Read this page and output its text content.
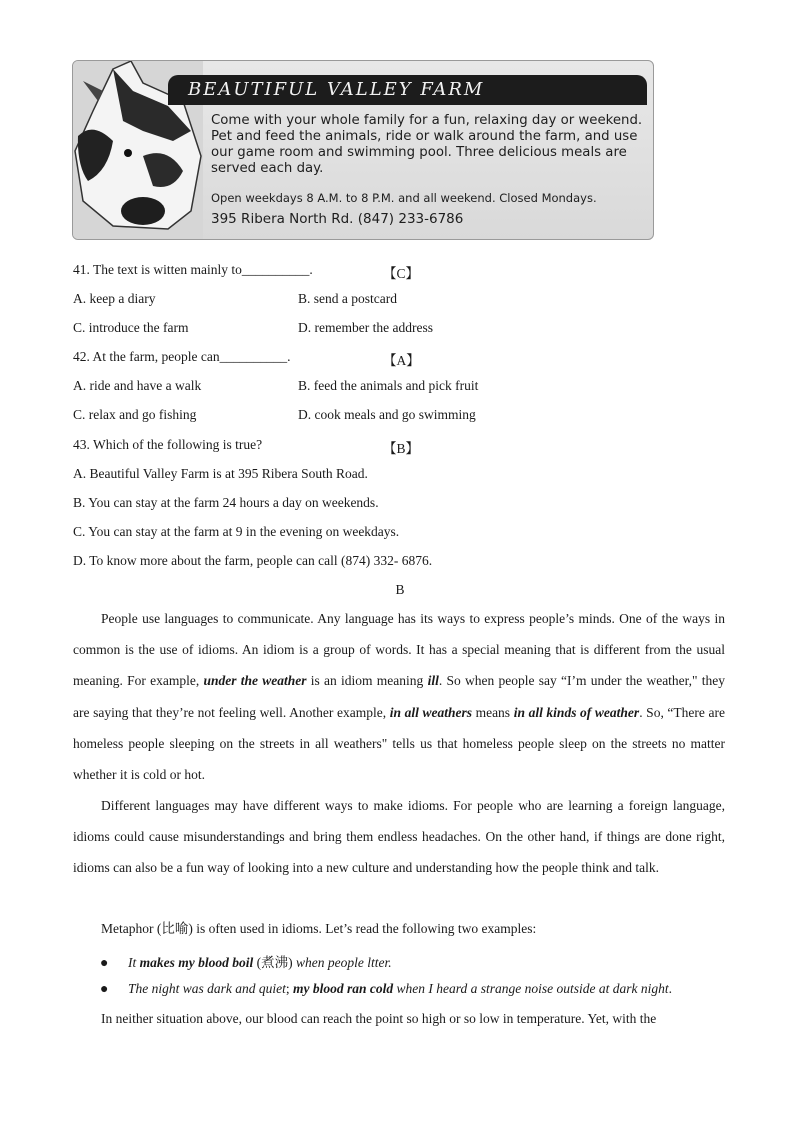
BEAUTIFUL VALLEY FARM
Come with your whole family for a fun, relaxing day or weekend. Pet and feed the animals, ride or walk around the farm, and use our game room and swimming pool. Three delicious meals are served each day.
Open weekdays 8 A.M. to 8 P.M. and all weekend. Closed Mondays.
395 Ribera North Rd. (847) 233-6786
41. The text is witten mainly to__________.	【C】
A. keep a diary	B. send a postcard
C. introduce the farm	D. remember the address
42. At the farm, people can__________.	【A】
A. ride and have a walk	B. feed the animals and pick fruit
C. relax and go fishing	D. cook meals and go swimming
43. Which of the following is true?	【B】
A. Beautiful Valley Farm is at 395 Ribera South Road.
B. You can stay at the farm 24 hours a day on weekends.
C. You can stay at the farm at 9 in the evening on weekdays.
D. To know more about the farm, people can call (874) 332- 6876.
B
People use languages to communicate. Any language has its ways to express people’s minds. One of the ways in common is the use of idioms. An idiom is a group of words. It has a special meaning that is different from the usual meaning. For example, under the weather is an idiom meaning ill. So when people say “I’m under the weather," they are saying that they’re not feeling well. Another example, in all weathers means in all kinds of weather. So, “There are homeless people sleeping on the streets in all weathers" tells us that homeless people sleep on the streets no matter whether it is cold or hot.
Different languages may have different ways to make idioms. For people who are learning a foreign language, idioms could cause misunderstandings and bring them endless headaches. On the other hand, if things are done right, idioms can also be a fun way of looking into a new culture and understanding how the people think and talk.
Metaphor (比喻) is often used in idioms. Let’s read the following two examples:
● It makes my blood boil (煮沸) when people ltter.
● The night was dark and quiet; my blood ran cold when I heard a strange noise outside at dark night.
In neither situation above, our blood can reach the point so high or so low in temperature. Yet, with the
